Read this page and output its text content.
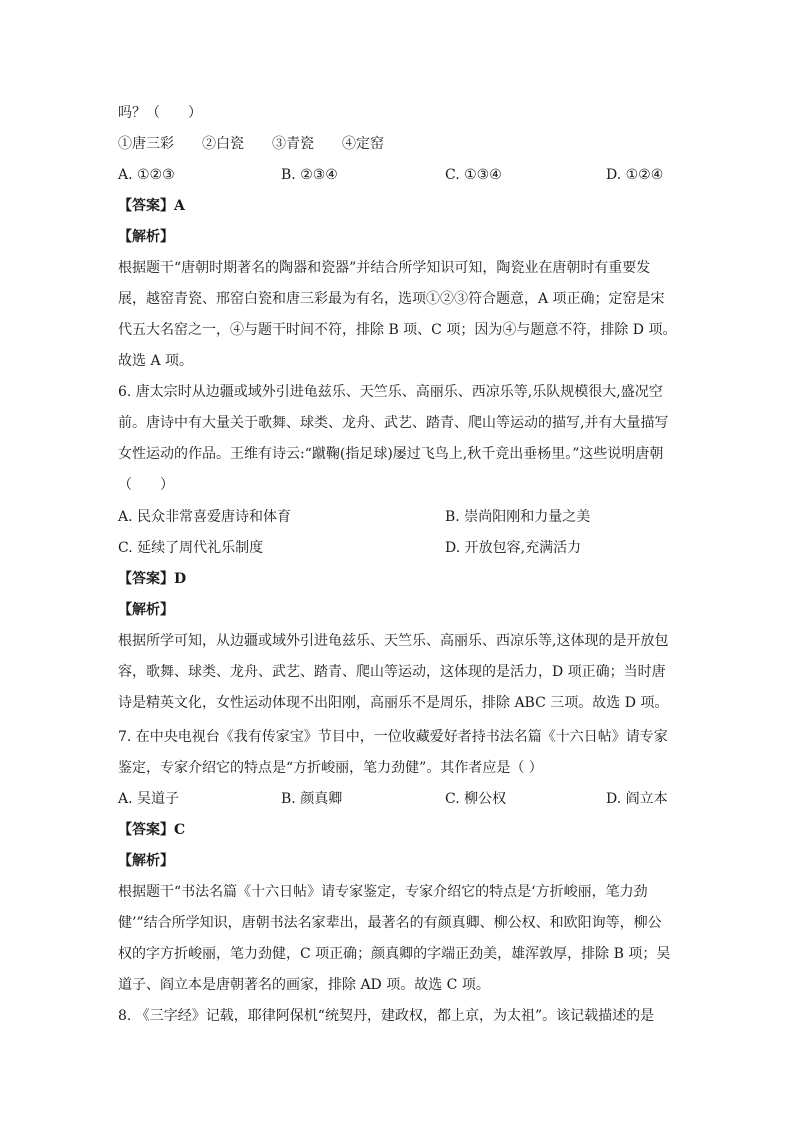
吗？（　　）
①唐三彩　　②白瓷　　③青瓷　　④定窑
A. ①②③	B. ②③④	C. ①③④	D. ①②④
【答案】A
【解析】
根据题干“唐朝时期著名的陶器和瓷器”并结合所学知识可知，陶瓷业在唐朝时有重要发
展，越窑青瓷、邢窑白瓷和唐三彩最为有名，选项①②③符合题意，A 项正确；定窑是宋
代五大名窑之一，④与题干时间不符，排除 B 项、C 项；因为④与题意不符，排除 D 项。
故选 A 项。
6. 唐太宗时从边疆或域外引进龟兹乐、天竺乐、高丽乐、西凉乐等,乐队规模很大,盛况空
前。唐诗中有大量关于歌舞、球类、龙舟、武艺、踏青、爬山等运动的描写,并有大量描写
女性运动的作品。王维有诗云:“蹴鞠(指足球)屡过飞鸟上,秋千竞出垂杨里。”这些说明唐朝
（　　）
A. 民众非常喜爱唐诗和体育	B. 崇尚阳刚和力量之美
C. 延续了周代礼乐制度	D. 开放包容,充满活力
【答案】D
【解析】
根据所学可知，从边疆或域外引进龟兹乐、天竺乐、高丽乐、西凉乐等,这体现的是开放包
容，歌舞、球类、龙舟、武艺、踏青、爬山等运动，这体现的是活力，D 项正确；当时唐
诗是精英文化，女性运动体现不出阳刚，高丽乐不是周乐，排除 ABC 三项。故选 D 项。
7. 在中央电视台《我有传家宝》节目中，一位收藏爱好者持书法名篇《十六日帖》请专家
鉴定，专家介绍它的特点是“方折峻丽，笔力劲健”。其作者应是（ ）
A. 吴道子	B. 颜真卿	C. 柳公权	D. 阎立本
【答案】C
【解析】
根据题干“书法名篇《十六日帖》请专家鉴定，专家介绍它的特点是‘方折峻丽，笔力劲
健’”结合所学知识，唐朝书法名家辈出，最著名的有颜真卿、柳公权、和欧阳询等，柳公
权的字方折峻丽，笔力劲健，C 项正确；颜真卿的字端正劲美，雄浑敦厚，排除 B 项；吴
道子、阎立本是唐朝著名的画家，排除 AD 项。故选 C 项。
8. 《三字经》记载，耶律阿保机“统契丹，建政权，都上京，为太祖”。该记载描述的是
